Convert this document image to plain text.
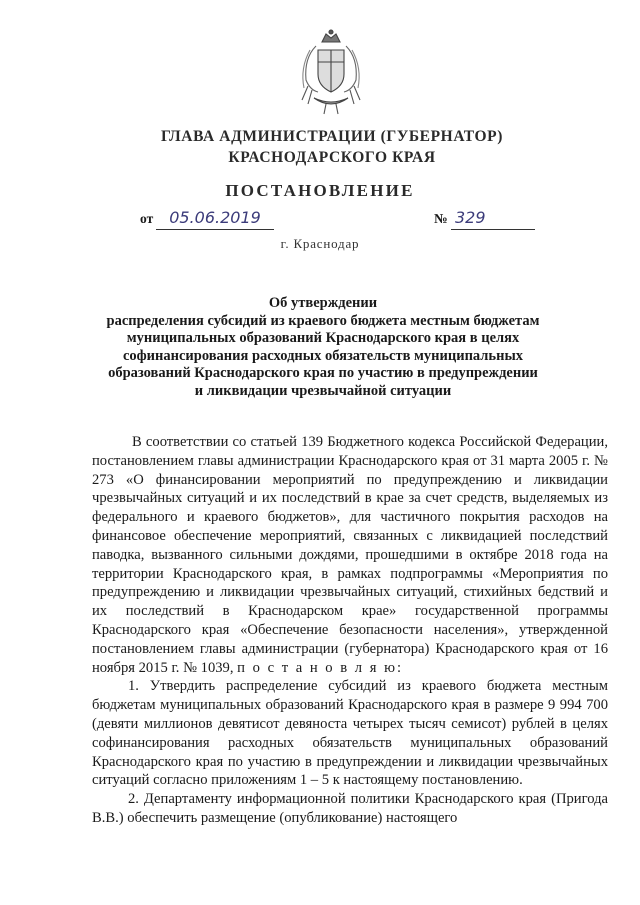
ГЛАВА АДМИНИСТРАЦИИ (ГУБЕРНАТОР)
КРАСНОДАРСКОГО КРАЯ
ПОСТАНОВЛЕНИЕ
от 05.06.2019	№ 329
г. Краснодар
Об утверждении
распределения субсидий из краевого бюджета местным бюджетам
муниципальных образований Краснодарского края в целях
софинансирования расходных обязательств муниципальных
образований Краснодарского края по участию в предупреждении
и ликвидации чрезвычайной ситуации

В соответствии со статьей 139 Бюджетного кодекса Российской Федерации, постановлением главы администрации Краснодарского края от 31 марта 2005 г. № 273 «О финансировании мероприятий по предупреждению и ликвидации чрезвычайных ситуаций и их последствий в крае за счет средств, выделяемых из федерального и краевого бюджетов», для частичного покрытия расходов на финансовое обеспечение мероприятий, связанных с ликвидацией последствий паводка, вызванного сильными дождями, прошедшими в октябре 2018 года на территории Краснодарского края, в рамках подпрограммы «Мероприятия по предупреждению и ликвидации чрезвычайных ситуаций, стихийных бедствий и их последствий в Краснодарском крае» государственной программы Краснодарского края «Обеспечение безопасности населения», утвержденной постановлением главы администрации (губернатора) Краснодарского края от 16 ноября 2015 г. № 1039, п о с т а н о в л я ю:

1. Утвердить распределение субсидий из краевого бюджета местным бюджетам муниципальных образований Краснодарского края в размере 9 994 700 (девяти миллионов девятисот девяноста четырех тысяч семисот) рублей в целях софинансирования расходных обязательств муниципальных образований Краснодарского края по участию в предупреждении и ликвидации чрезвычайных ситуаций согласно приложениям 1 – 5 к настоящему постановлению.

2. Департаменту информационной политики Краснодарского края (Пригода В.В.) обеспечить размещение (опубликование) настоящего
